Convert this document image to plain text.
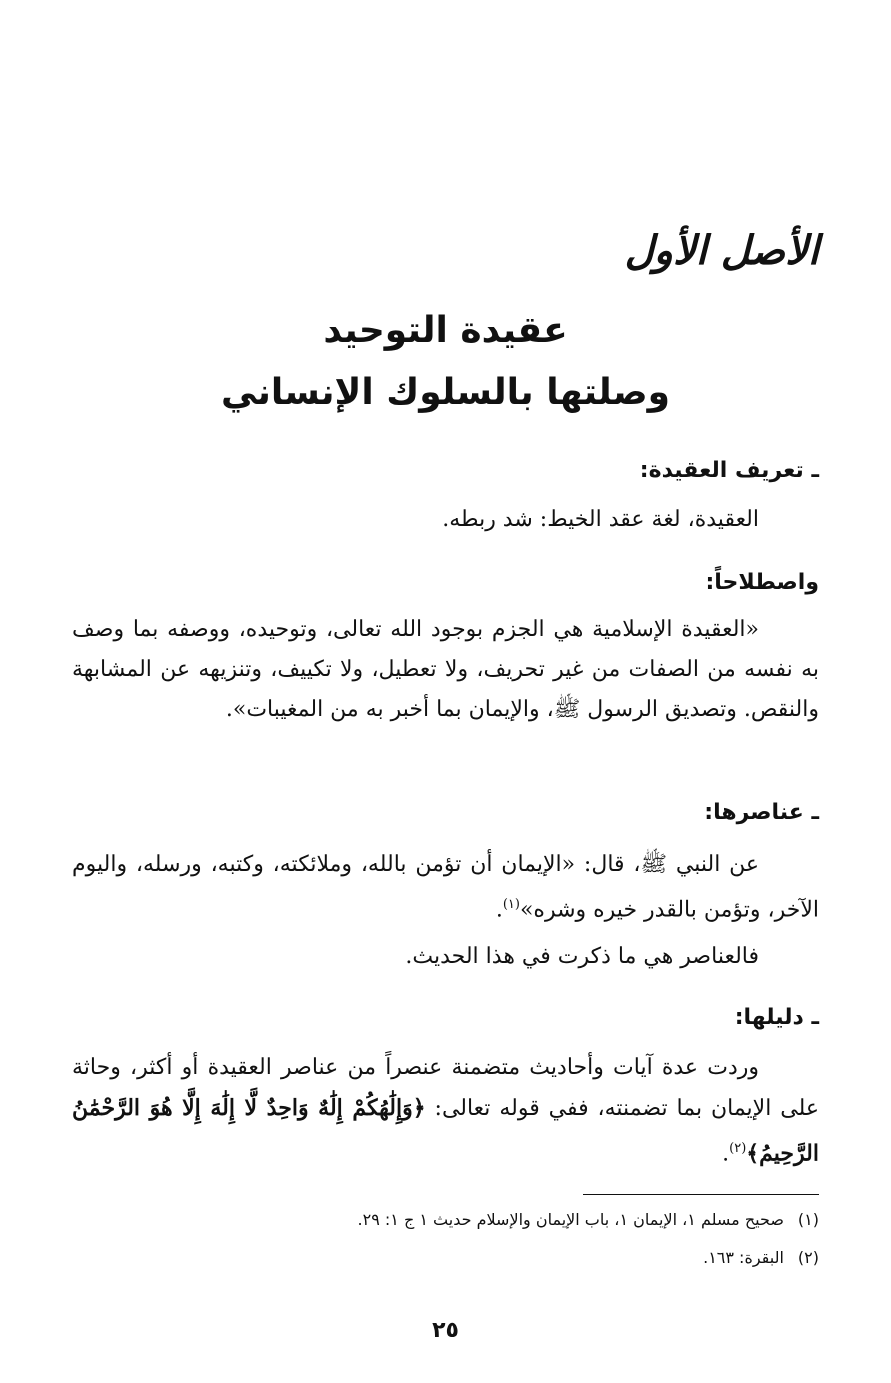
الأصل الأول
عقيدة التوحيد
وصلتها بالسلوك الإنساني
ـ تعريف العقيدة:
العقيدة، لغة عقد الخيط: شد ربطه.
واصطلاحاً:
«العقيدة الإسلامية هي الجزم بوجود الله تعالى، وتوحيده، ووصفه بما وصف به نفسه من الصفات من غير تحريف، ولا تعطيل، ولا تكييف، وتنزيهه عن المشابهة والنقص. وتصديق الرسول ﷺ، والإيمان بما أخبر به من المغيبات».
ـ عناصرها:
عن النبي ﷺ، قال: «الإيمان أن تؤمن بالله، وملائكته، وكتبه، ورسله، واليوم الآخر، وتؤمن بالقدر خيره وشره»$^{(١)}$.
فالعناصر هي ما ذكرت في هذا الحديث.
ـ دليلها:
وردت عدة آيات وأحاديث متضمنة عنصراً من عناصر العقيدة أو أكثر، وحاثة على الإيمان بما تضمنته، ففي قوله تعالى: ﴿وَإِلَٰهُكُمْ إِلَٰهٌ وَاحِدٌ لَّا إِلَٰهَ إِلَّا هُوَ الرَّحْمَٰنُ الرَّحِيمُ﴾$^{(٢)}$.
(١)صحيح مسلم ١، الإيمان ١، باب الإيمان والإسلام حديث ١ ج ١: ٢٩.
(٢)البقرة: ١٦٣.
٢٥
